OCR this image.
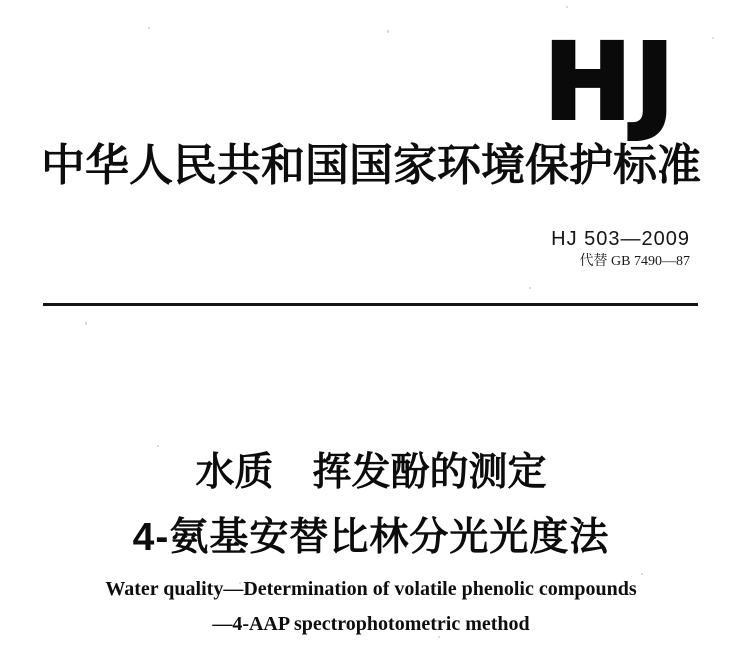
HJ
中华人民共和国国家环境保护标准
HJ 503—2009
代替 GB 7490—87
水质　挥发酚的测定
4-氨基安替比林分光光度法
Water quality—Determination of volatile phenolic compounds
—4-AAP spectrophotometric method
